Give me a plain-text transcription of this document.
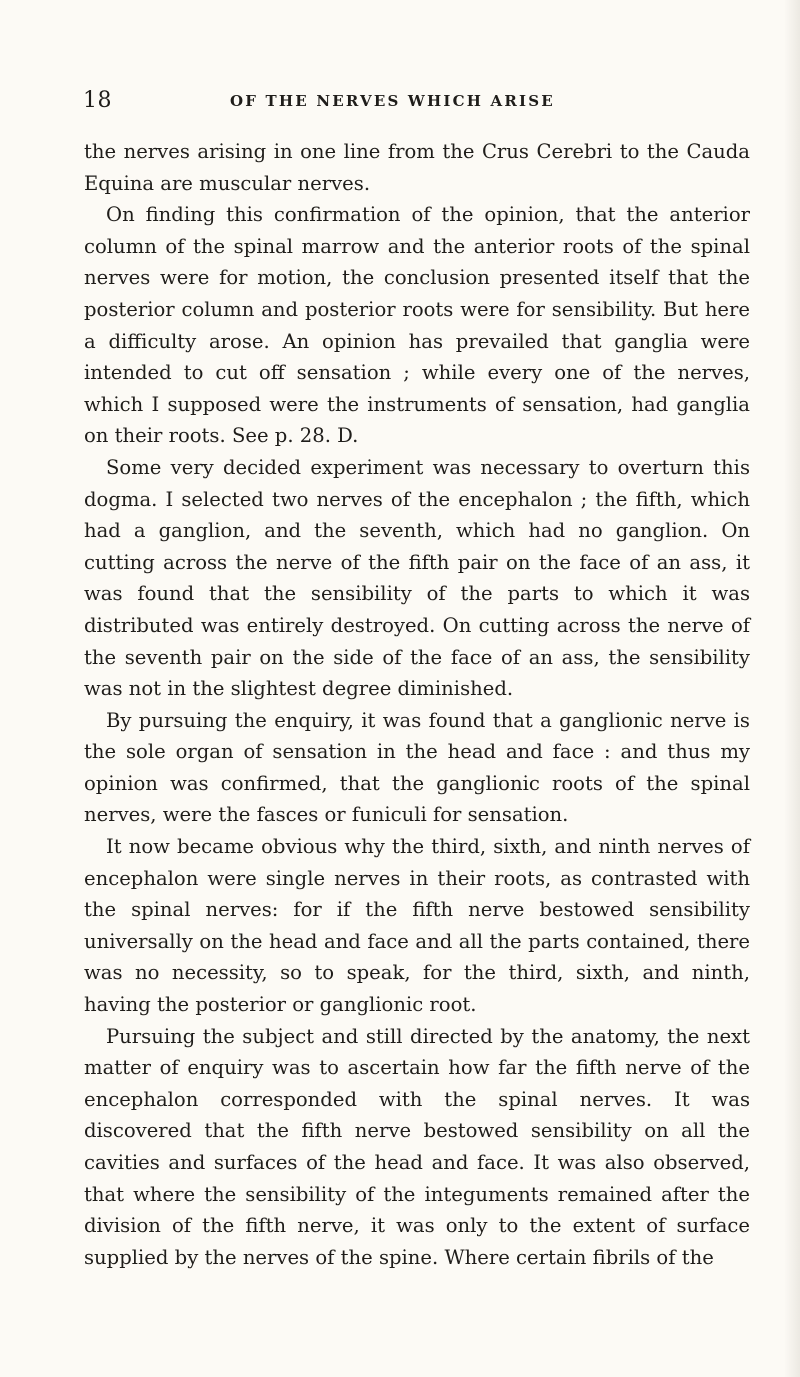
18	OF THE NERVES WHICH ARISE

the nerves arising in one line from the Crus Cerebri to the Cauda Equina are muscular nerves.

On finding this confirmation of the opinion, that the anterior column of the spinal marrow and the anterior roots of the spinal nerves were for motion, the conclusion presented itself that the posterior column and posterior roots were for sensibility. But here a difficulty arose. An opinion has prevailed that ganglia were intended to cut off sensation ; while every one of the nerves, which I supposed were the instruments of sensation, had ganglia on their roots. See p. 28. D.

Some very decided experiment was necessary to overturn this dogma. I selected two nerves of the encephalon ; the fifth, which had a ganglion, and the seventh, which had no ganglion. On cutting across the nerve of the fifth pair on the face of an ass, it was found that the sensibility of the parts to which it was distributed was entirely destroyed. On cutting across the nerve of the seventh pair on the side of the face of an ass, the sensibility was not in the slightest degree diminished.

By pursuing the enquiry, it was found that a ganglionic nerve is the sole organ of sensation in the head and face : and thus my opinion was confirmed, that the ganglionic roots of the spinal nerves, were the fasces or funiculi for sensation.

It now became obvious why the third, sixth, and ninth nerves of encephalon were single nerves in their roots, as contrasted with the spinal nerves: for if the fifth nerve bestowed sensibility universally on the head and face and all the parts contained, there was no necessity, so to speak, for the third, sixth, and ninth, having the posterior or ganglionic root.

Pursuing the subject and still directed by the anatomy, the next matter of enquiry was to ascertain how far the fifth nerve of the encephalon corresponded with the spinal nerves. It was discovered that the fifth nerve bestowed sensibility on all the cavities and surfaces of the head and face. It was also observed, that where the sensibility of the integuments remained after the division of the fifth nerve, it was only to the extent of surface supplied by the nerves of the spine. Where certain fibrils of the
